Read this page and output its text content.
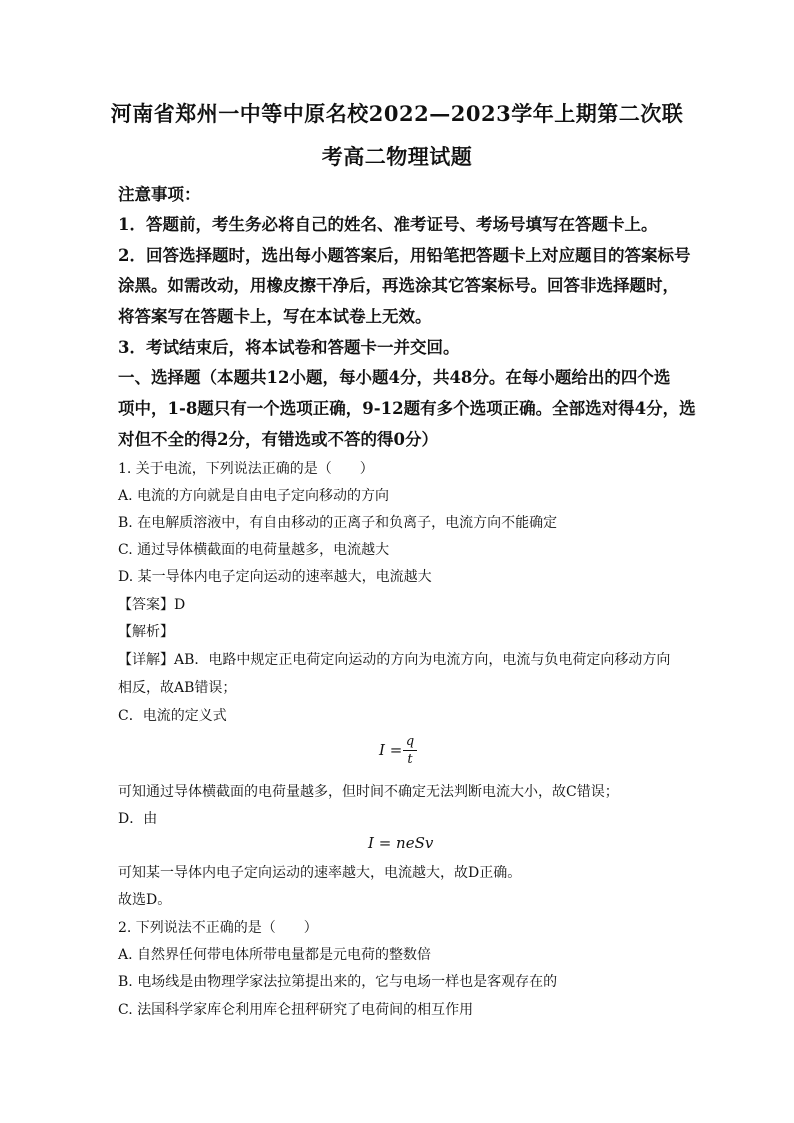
河南省郑州一中等中原名校2022—2023学年上期第二次联
考高二物理试题
注意事项：
1．答题前，考生务必将自己的姓名、准考证号、考场号填写在答题卡上。
2．回答选择题时，选出每小题答案后，用铅笔把答题卡上对应题目的答案标号
涂黑。如需改动，用橡皮擦干净后，再选涂其它答案标号。回答非选择题时，
将答案写在答题卡上，写在本试卷上无效。
3．考试结束后，将本试卷和答题卡一并交回。
一、选择题（本题共12小题，每小题4分，共48分。在每小题给出的四个选
项中，1-8题只有一个选项正确，9-12题有多个选项正确。全部选对得4分，选
对但不全的得2分，有错选或不答的得0分）
1. 关于电流，下列说法正确的是（　　）
A. 电流的方向就是自由电子定向移动的方向
B. 在电解质溶液中，有自由移动的正离子和负离子，电流方向不能确定
C. 通过导体横截面的电荷量越多，电流越大
D. 某一导体内电子定向运动的速率越大，电流越大
【答案】D
【解析】
【详解】AB．电路中规定正电荷定向运动的方向为电流方向，电流与负电荷定向移动方向
相反，故AB错误；
C．电流的定义式
I = q
t
可知通过导体横截面的电荷量越多，但时间不确定无法判断电流大小，故C错误；
D．由
I = neSv
可知某一导体内电子定向运动的速率越大，电流越大，故D正确。
故选D。
2. 下列说法不正确的是（　　）
A. 自然界任何带电体所带电量都是元电荷的整数倍
B. 电场线是由物理学家法拉第提出来的，它与电场一样也是客观存在的
C. 法国科学家库仑利用库仑扭秤研究了电荷间的相互作用
